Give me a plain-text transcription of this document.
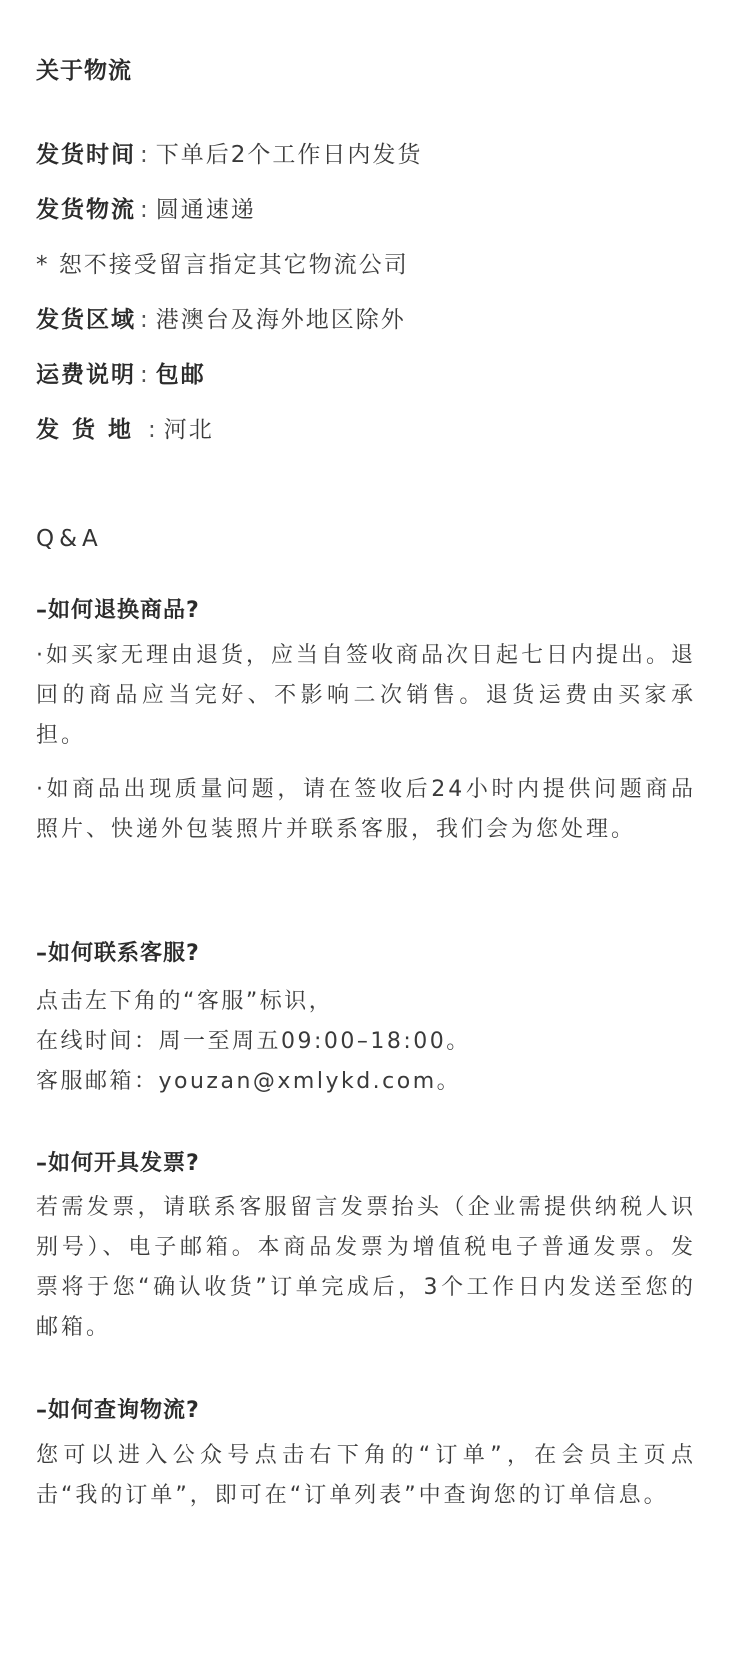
关于物流
发货时间 : 下单后2个工作日内发货
发货物流 : 圆通速递
* 恕不接受留言指定其它物流公司
发货区域 : 港澳台及海外地区除外
运费说明 : 包邮
发货地 : 河北
Q&A
–如何退换商品?
·如买家无理由退货，应当自签收商品次日起七日内提出。退回的商品应当完好、不影响二次销售。退货运费由买家承担。
·如商品出现质量问题，请在签收后24小时内提供问题商品照片、快递外包装照片并联系客服，我们会为您处理。
–如何联系客服?
点击左下角的“客服”标识，
在线时间：周一至周五09:00–18:00。
客服邮箱：youzan@xmlykd.com。
–如何开具发票?
若需发票，请联系客服留言发票抬头（企业需提供纳税人识别号）、电子邮箱。本商品发票为增值税电子普通发票。发票将于您“确认收货”订单完成后，3个工作日内发送至您的邮箱。
–如何查询物流?
您可以进入公众号点击右下角的“订单”，在会员主页点击“我的订单”，即可在“订单列表”中查询您的订单信息。
